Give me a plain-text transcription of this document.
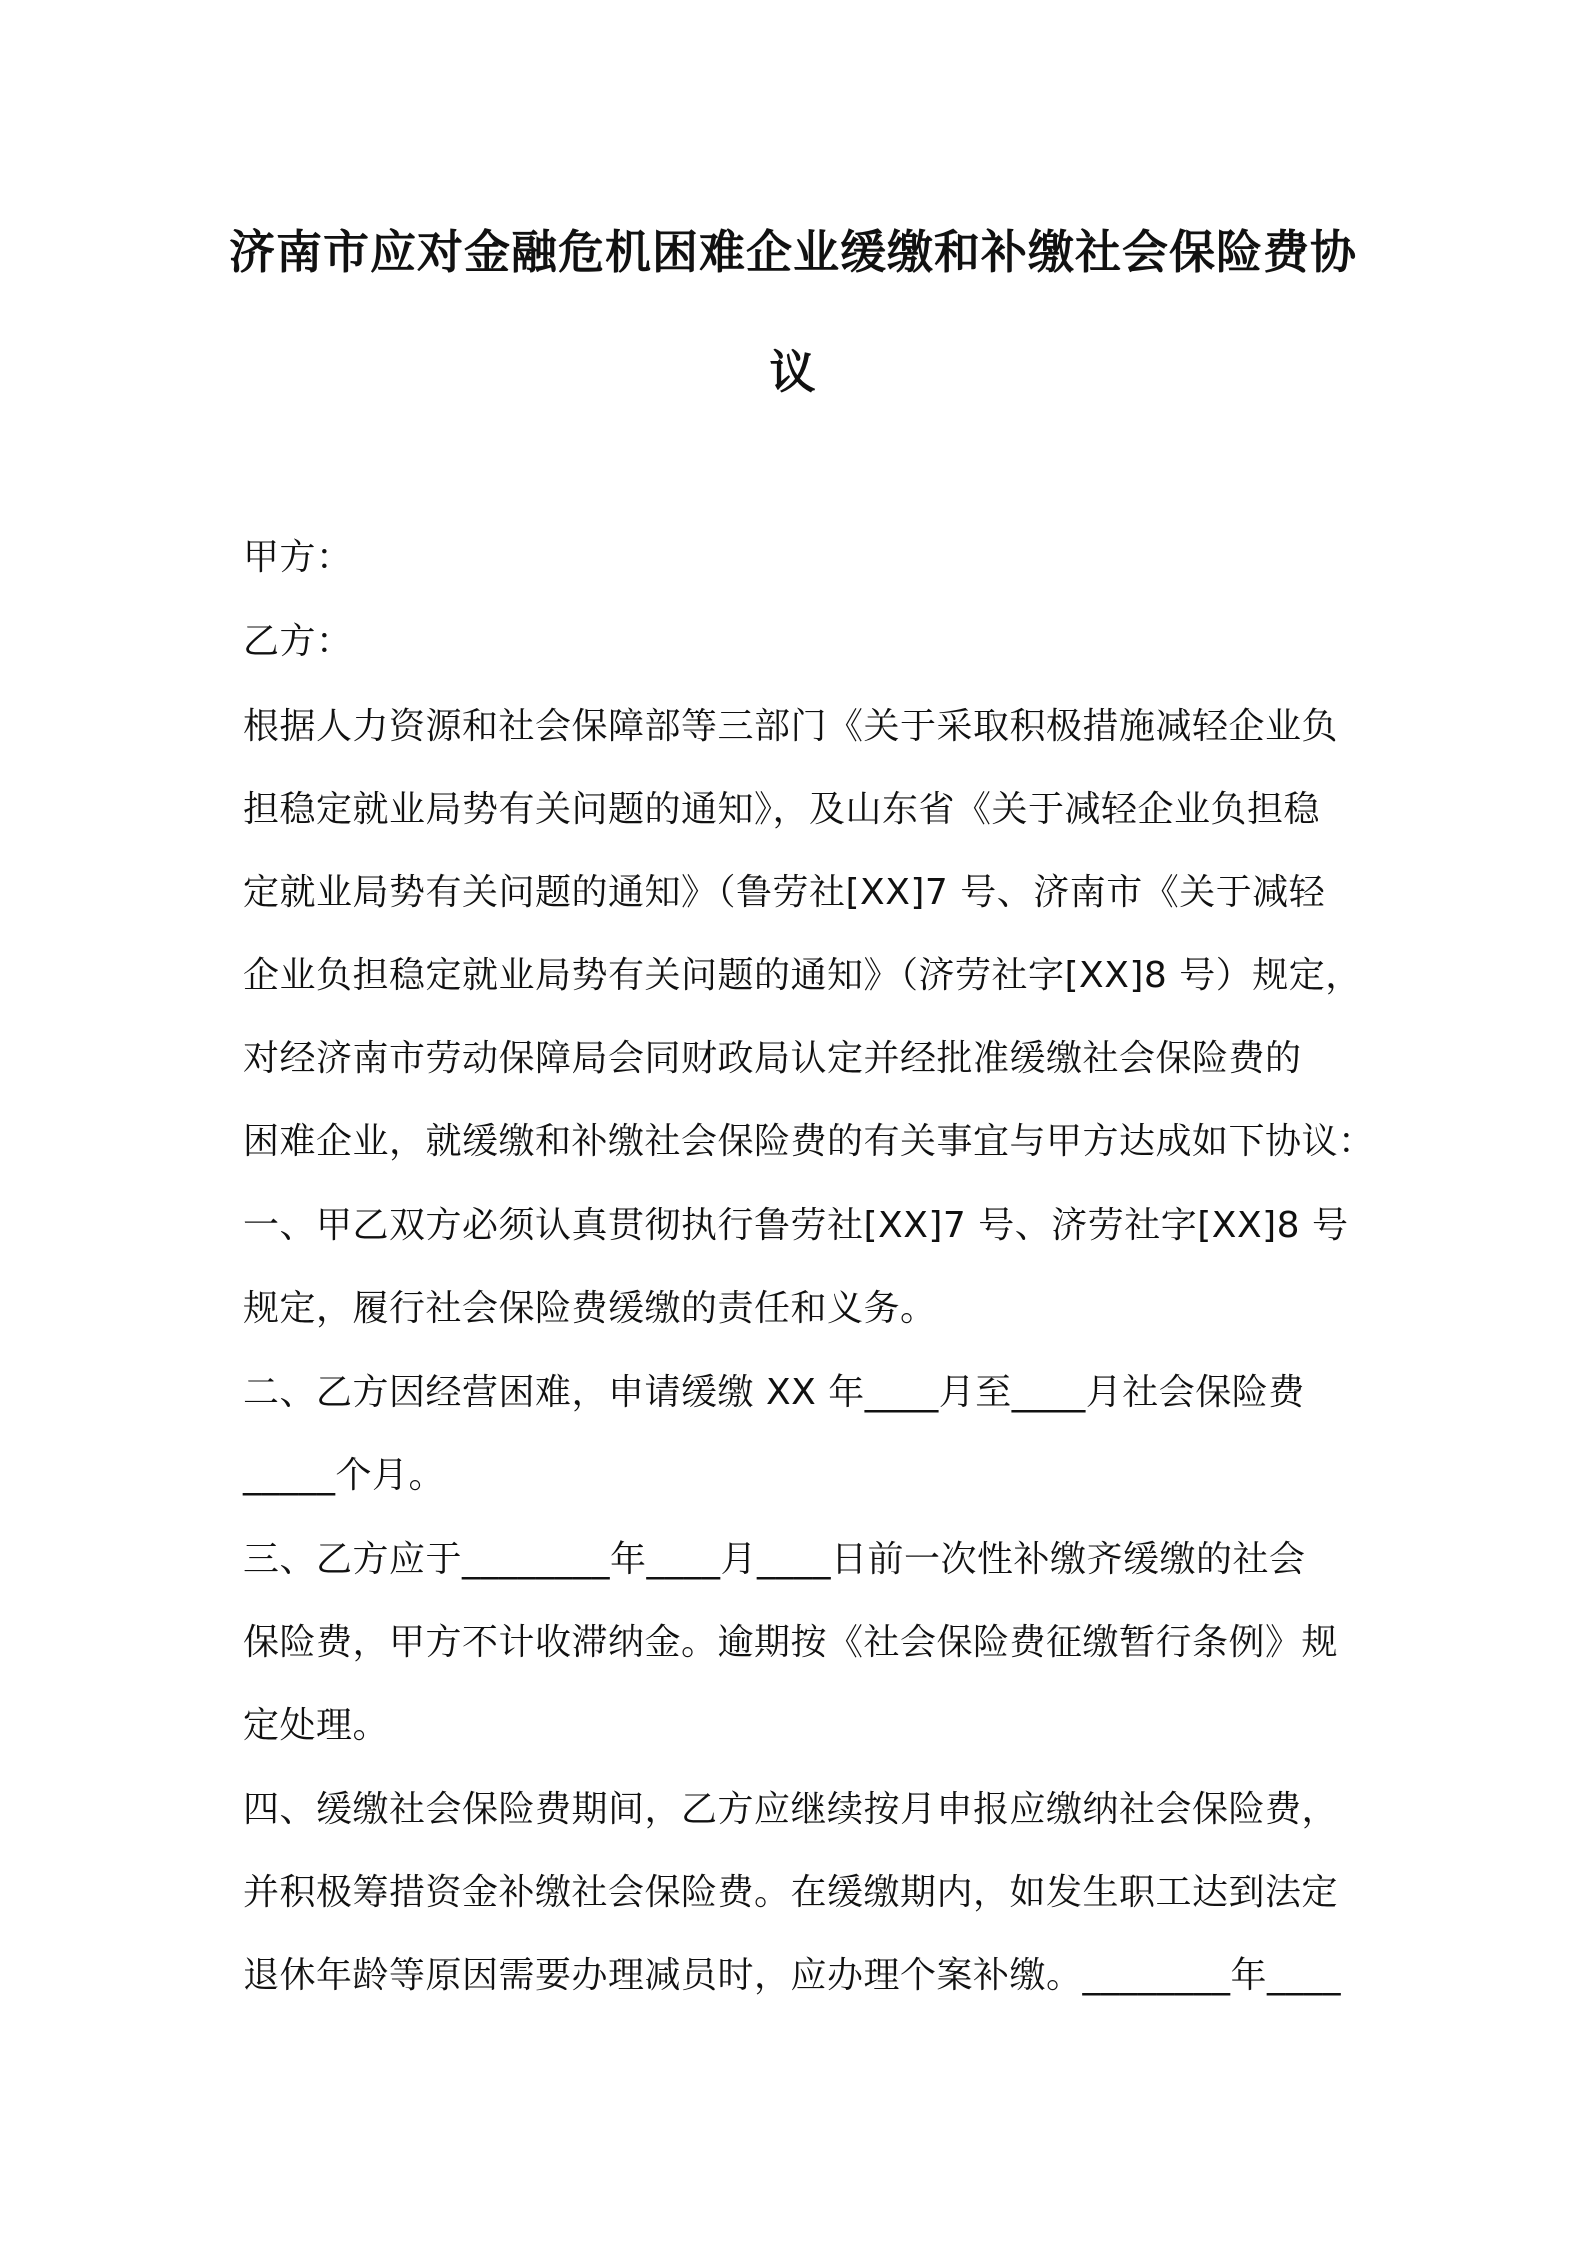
济南市应对金融危机困难企业缓缴和补缴社会保险费协
议
甲方：
乙方：
根据人力资源和社会保障部等三部门《关于采取积极措施减轻企业负
担稳定就业局势有关问题的通知》，及山东省《关于减轻企业负担稳
定就业局势有关问题的通知》（鲁劳社[XX]7 号、济南市《关于减轻
企业负担稳定就业局势有关问题的通知》（济劳社字[XX]8 号）规定，
对经济南市劳动保障局会同财政局认定并经批准缓缴社会保险费的
困难企业，就缓缴和补缴社会保险费的有关事宜与甲方达成如下协议：
一、甲乙双方必须认真贯彻执行鲁劳社[XX]7 号、济劳社字[XX]8 号
规定，履行社会保险费缓缴的责任和义务。
二、乙方因经营困难，申请缓缴 XX 年____月至____月社会保险费
_____个月。
三、乙方应于________年____月____日前一次性补缴齐缓缴的社会
保险费，甲方不计收滞纳金。逾期按《社会保险费征缴暂行条例》规
定处理。
四、缓缴社会保险费期间，乙方应继续按月申报应缴纳社会保险费，
并积极筹措资金补缴社会保险费。在缓缴期内，如发生职工达到法定
退休年龄等原因需要办理减员时，应办理个案补缴。________年____
